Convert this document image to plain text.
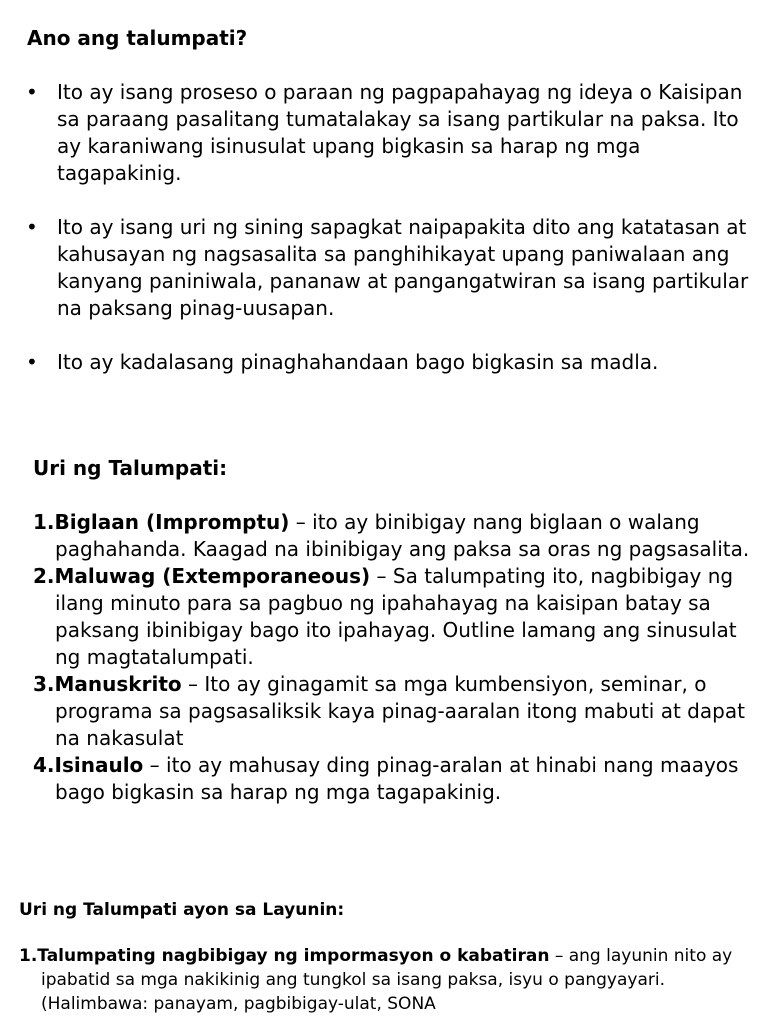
Ano ang talumpati?
• Ito ay isang proseso o paraan ng pagpapahayag ng ideya o Kaisipan sa paraang pasalitang tumatalakay sa isang partikular na paksa. Ito ay karaniwang isinusulat upang bigkasin sa harap ng mga tagapakinig.
• Ito ay isang uri ng sining sapagkat naipapakita dito ang katatasan at kahusayan ng nagsasalita sa panghihikayat upang paniwalaan ang kanyang paniniwala, pananaw at pangangatwiran sa isang partikular na paksang pinag-uusapan.
• Ito ay kadalasang pinaghahandaan bago bigkasin sa madla.
Uri ng Talumpati:
1.Biglaan (Impromptu) – ito ay binibigay nang biglaan o walang paghahanda. Kaagad na ibinibigay ang paksa sa oras ng pagsasalita.
2.Maluwag (Extemporaneous) – Sa talumpating ito, nagbibigay ng ilang minuto para sa pagbuo ng ipahahayag na kaisipan batay sa paksang ibinibigay bago ito ipahayag. Outline lamang ang sinusulat ng magtatalumpati.
3.Manuskrito – Ito ay ginagamit sa mga kumbensiyon, seminar, o programa sa pagsasaliksik kaya pinag-aaralan itong mabuti at dapat na nakasulat
4.Isinaulo – ito ay mahusay ding pinag-aralan at hinabi nang maayos bago bigkasin sa harap ng mga tagapakinig.
Uri ng Talumpati ayon sa Layunin:
1.Talumpating nagbibigay ng impormasyon o kabatiran – ang layunin nito ay ipabatid sa mga nakikinig ang tungkol sa isang paksa, isyu o pangyayari. (Halimbawa: panayam, pagbibigay-ulat, SONA
